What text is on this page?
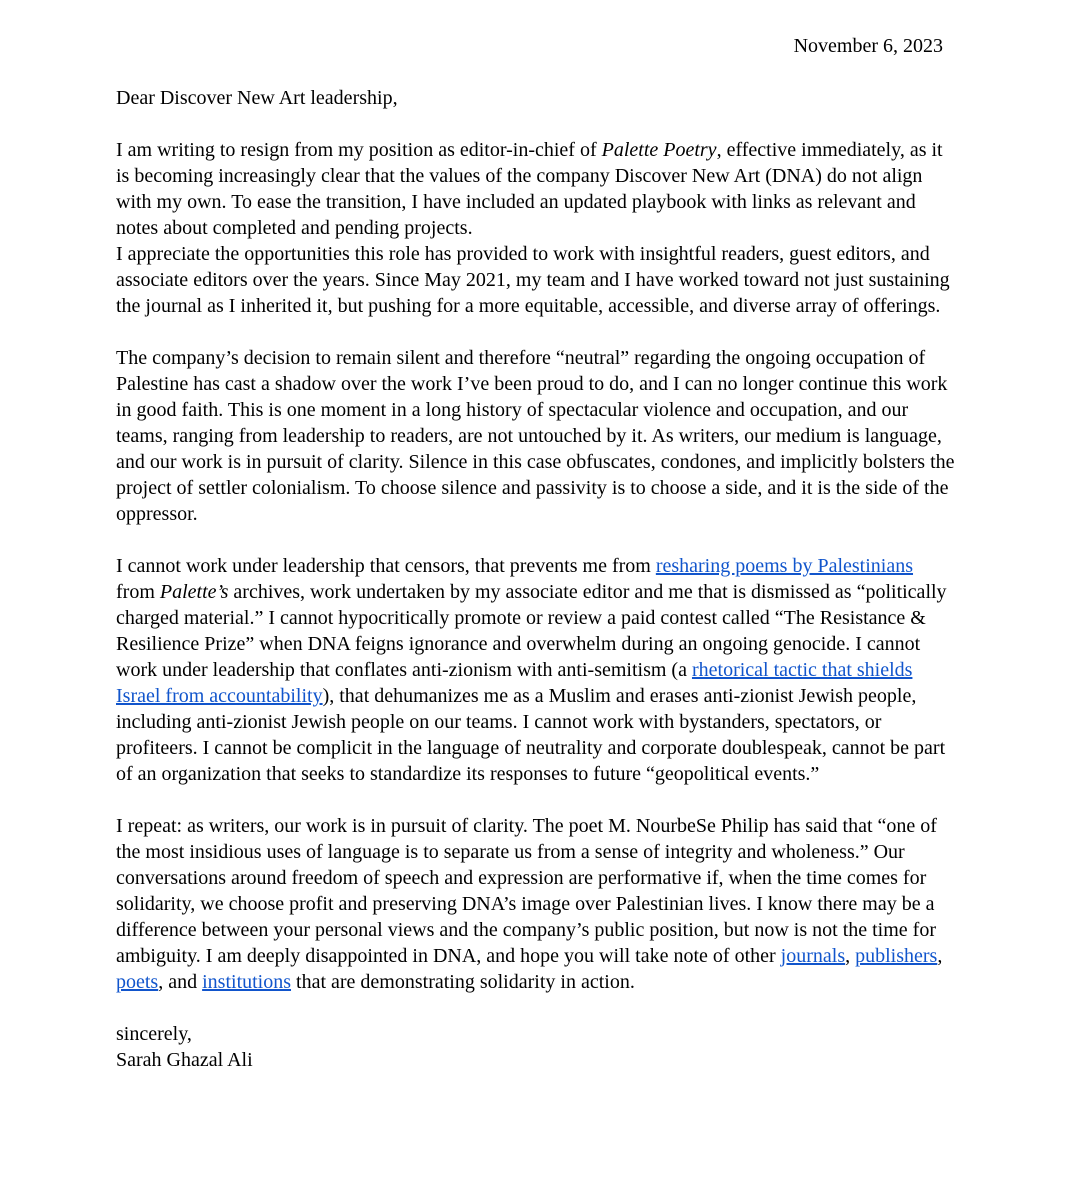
November 6, 2023

Dear Discover New Art leadership,

I am writing to resign from my position as editor-in-chief of Palette Poetry, effective immediately, as it is becoming increasingly clear that the values of the company Discover New Art (DNA) do not align with my own. To ease the transition, I have included an updated playbook with links as relevant and notes about completed and pending projects.

I appreciate the opportunities this role has provided to work with insightful readers, guest editors, and associate editors over the years. Since May 2021, my team and I have worked toward not just sustaining the journal as I inherited it, but pushing for a more equitable, accessible, and diverse array of offerings.

The company’s decision to remain silent and therefore “neutral” regarding the ongoing occupation of Palestine has cast a shadow over the work I’ve been proud to do, and I can no longer continue this work in good faith. This is one moment in a long history of spectacular violence and occupation, and our teams, ranging from leadership to readers, are not untouched by it. As writers, our medium is language, and our work is in pursuit of clarity. Silence in this case obfuscates, condones, and implicitly bolsters the project of settler colonialism. To choose silence and passivity is to choose a side, and it is the side of the oppressor.

I cannot work under leadership that censors, that prevents me from resharing poems by Palestinians from Palette’s archives, work undertaken by my associate editor and me that is dismissed as “politically charged material.” I cannot hypocritically promote or review a paid contest called “The Resistance & Resilience Prize” when DNA feigns ignorance and overwhelm during an ongoing genocide. I cannot work under leadership that conflates anti-zionism with anti-semitism (a rhetorical tactic that shields Israel from accountability), that dehumanizes me as a Muslim and erases anti-zionist Jewish people, including anti-zionist Jewish people on our teams. I cannot work with bystanders, spectators, or profiteers. I cannot be complicit in the language of neutrality and corporate doublespeak, cannot be part of an organization that seeks to standardize its responses to future “geopolitical events.”

I repeat: as writers, our work is in pursuit of clarity. The poet M. NourbeSe Philip has said that “one of the most insidious uses of language is to separate us from a sense of integrity and wholeness.” Our conversations around freedom of speech and expression are performative if, when the time comes for solidarity, we choose profit and preserving DNA’s image over Palestinian lives. I know there may be a difference between your personal views and the company’s public position, but now is not the time for ambiguity. I am deeply disappointed in DNA, and hope you will take note of other journals, publishers, poets, and institutions that are demonstrating solidarity in action.

sincerely,

Sarah Ghazal Ali
